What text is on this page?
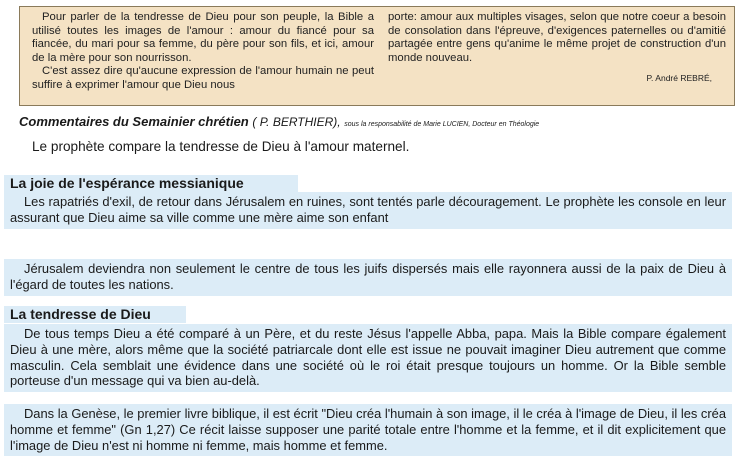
Pour parler de la tendresse de Dieu pour son peuple, la Bible a utilisé toutes les images de l'amour : amour du fiancé pour sa fiancée, du mari pour sa femme, du père pour son fils, et ici, amour de la mère pour son nourrisson.

C'est assez dire qu'aucune expression de l'amour humain ne peut suffire à exprimer l'amour que Dieu nous

porte: amour aux multiples visages, selon que notre coeur a besoin de consolation dans l'épreuve, d'exigences paternelles ou d'amitié partagée entre gens qu'anime le même projet de construction d'un monde nouveau.

P. André REBRÉ,
Commentaires du Semainier chrétien ( P. BERTHIER), sous la responsabilité de Marie LUCIEN, Docteur en Théologie
Le prophète compare la tendresse de Dieu à l'amour maternel.
La joie de l'espérance messianique

Les rapatriés d'exil, de retour dans Jérusalem en ruines, sont tentés parle découragement. Le prophète les console en leur assurant que Dieu aime sa ville comme une mère aime son enfant

Jérusalem deviendra non seulement le centre de tous les juifs dispersés mais elle rayonnera aussi de la paix de Dieu à l'égard de toutes les nations.

La tendresse de Dieu

De tous temps Dieu a été comparé à un Père, et du reste Jésus l'appelle Abba, papa. Mais la Bible compare également Dieu à une mère, alors même que la société patriarcale dont elle est issue ne pouvait imaginer Dieu autrement que comme masculin. Cela semblait une évidence dans une société où le roi était presque toujours un homme. Or la Bible semble porteuse d'un message qui va bien au-delà.

Dans la Genèse, le premier livre biblique, il est écrit "Dieu créa l'humain à son image, il le créa à l'image de Dieu, il les créa homme et femme" (Gn 1,27) Ce récit laisse supposer une parité totale entre l'homme et la femme, et il dit explicitement que l'image de Dieu n'est ni homme ni femme, mais homme et femme.
